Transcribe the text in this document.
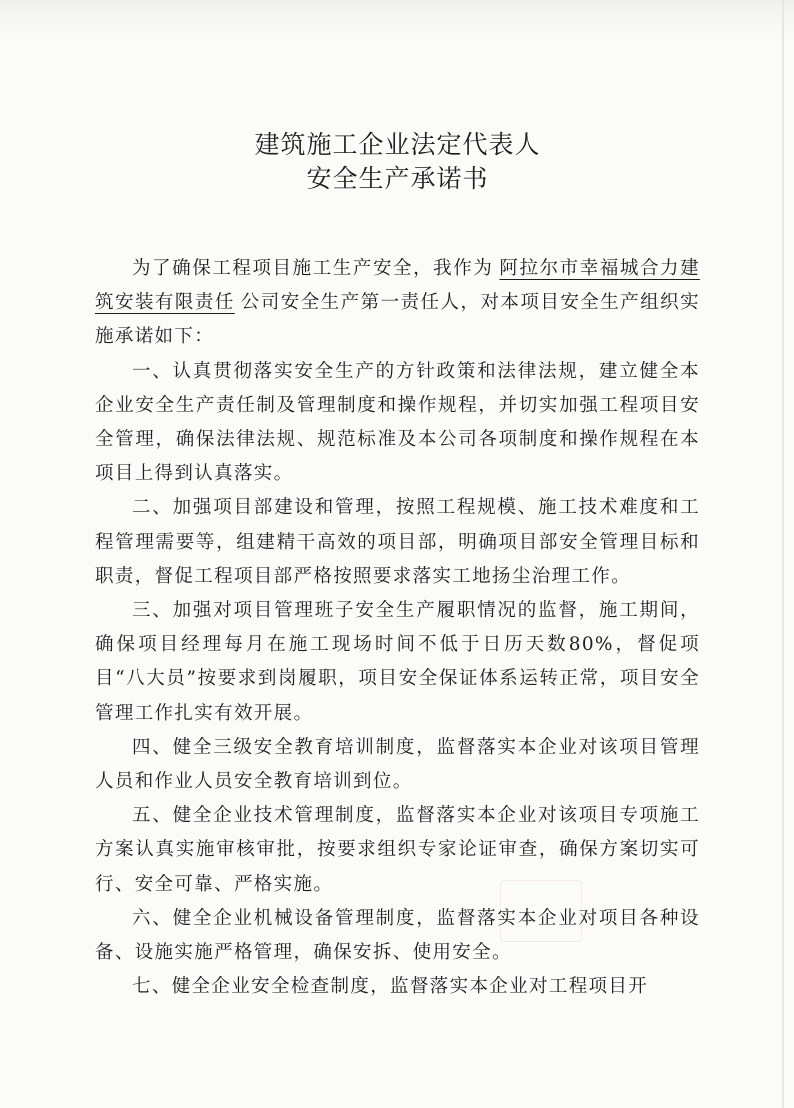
建筑施工企业法定代表人
安全生产承诺书

为了确保工程项目施工生产安全，我作为 阿拉尔市幸福城合力建筑安装有限责任 公司安全生产第一责任人，对本项目安全生产组织实施承诺如下：

一、认真贯彻落实安全生产的方针政策和法律法规，建立健全本企业安全生产责任制及管理制度和操作规程，并切实加强工程项目安全管理，确保法律法规、规范标准及本公司各项制度和操作规程在本项目上得到认真落实。

二、加强项目部建设和管理，按照工程规模、施工技术难度和工程管理需要等，组建精干高效的项目部，明确项目部安全管理目标和职责，督促工程项目部严格按照要求落实工地扬尘治理工作。

三、加强对项目管理班子安全生产履职情况的监督，施工期间，确保项目经理每月在施工现场时间不低于日历天数80%，督促项目“八大员”按要求到岗履职，项目安全保证体系运转正常，项目安全管理工作扎实有效开展。

四、健全三级安全教育培训制度，监督落实本企业对该项目管理人员和作业人员安全教育培训到位。

五、健全企业技术管理制度，监督落实本企业对该项目专项施工方案认真实施审核审批，按要求组织专家论证审查，确保方案切实可行、安全可靠、严格实施。

六、健全企业机械设备管理制度，监督落实本企业对项目各种设备、设施实施严格管理，确保安拆、使用安全。

七、健全企业安全检查制度，监督落实本企业对工程项目开
